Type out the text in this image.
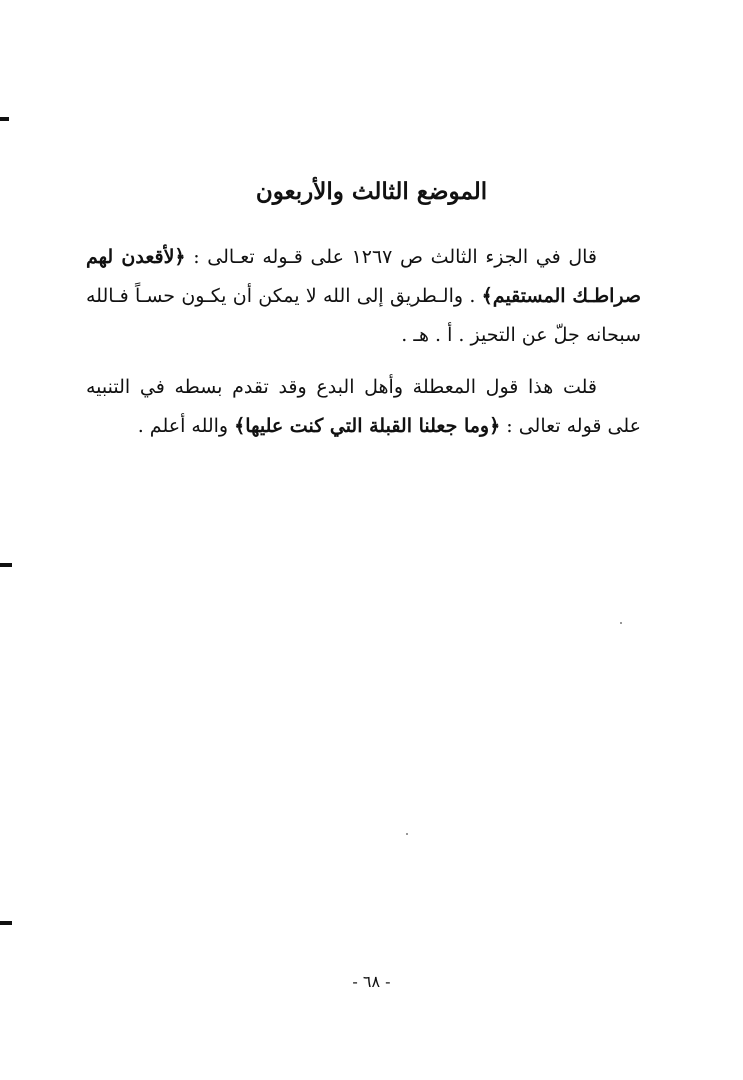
الموضع الثالث والأربعون

قال في الجزء الثالث ص ١٢٦٧ على قـوله تعـالى : ﴿لأقعدن لهم صراطـك المستقيم﴾ . والـطريق إلى الله لا يمكن أن يكـون حسـاً فـالله سبحانه جلّ عن التحيز . أ . هـ .

قلت هذا قول المعطلة وأهل البدع وقد تقدم بسطه في التنبيه على قوله تعالى : ﴿وما جعلنا القبلة التي كنت عليها﴾ والله أعلم .

- ٦٨ -
